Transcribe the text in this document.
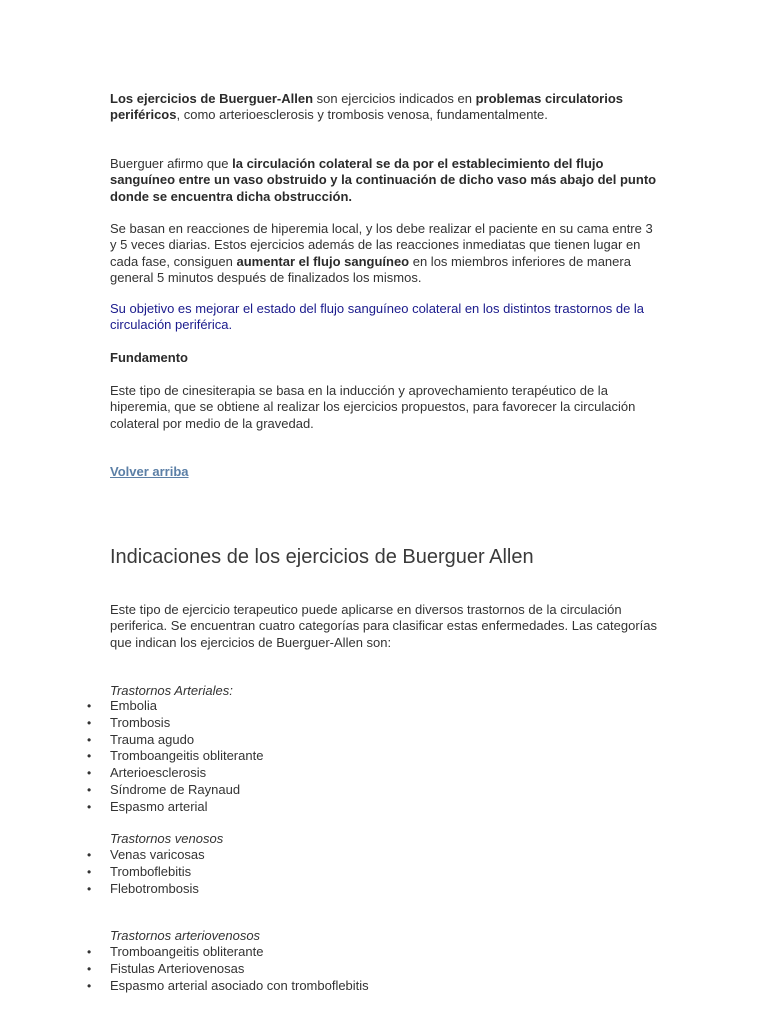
Los ejercicios de Buerguer-Allen son ejercicios indicados en problemas circulatorios periféricos, como arterioesclerosis y trombosis venosa, fundamentalmente.

Buerguer afirmo que la circulación colateral se da por el establecimiento del flujo sanguíneo entre un vaso obstruido y la continuación de dicho vaso más abajo del punto donde se encuentra dicha obstrucción.

Se basan en reacciones de hiperemia local, y los debe realizar el paciente en su cama entre 3 y 5 veces diarias. Estos ejercicios además de las reacciones inmediatas que tienen lugar en cada fase, consiguen aumentar el flujo sanguíneo en los miembros inferiores de manera general 5 minutos después de finalizados los mismos.

Su objetivo es mejorar el estado del flujo sanguíneo colateral en los distintos trastornos de la circulación periférica.

Fundamento

Este tipo de cinesiterapia se basa en la inducción y aprovechamiento terapéutico de la hiperemia, que se obtiene al realizar los ejercicios propuestos, para favorecer la circulación colateral por medio de la gravedad.

Volver arriba

Indicaciones de los ejercicios de Buerguer Allen

Este tipo de ejercicio terapeutico puede aplicarse en diversos trastornos de la circulación periferica. Se encuentran cuatro categorías para clasificar estas enfermedades. Las categorías que indican los ejercicios de Buerguer-Allen son:

Trastornos Arteriales:

• Embolia
• Trombosis
• Trauma agudo
• Tromboangeitis obliterante
• Arterioesclerosis
• Síndrome de Raynaud
• Espasmo arterial

Trastornos venosos

• Venas varicosas
• Tromboflebitis
• Flebotrombosis

Trastornos arteriovenosos

• Tromboangeitis obliterante
• Fistulas Arteriovenosas
• Espasmo arterial asociado con tromboflebitis
